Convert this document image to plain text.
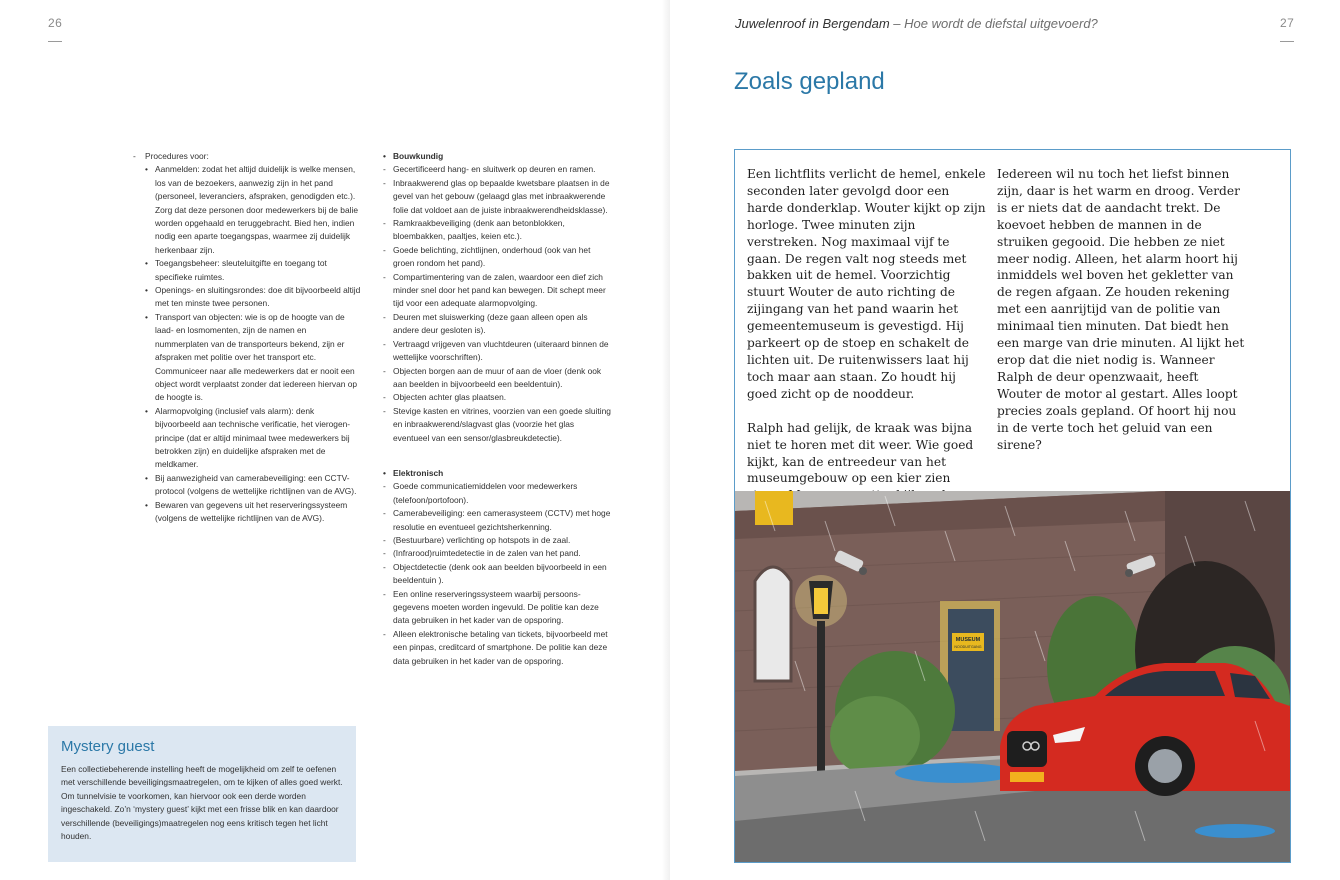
26
- Procedures voor:
• Aanmelden: zodat het altijd duidelijk is welke mensen, los van de bezoekers, aanwezig zijn in het pand (personeel, leveranciers, afspraken, genodigden etc.). Zorg dat deze personen door medewerkers bij de balie worden opgehaald en teruggebracht. Bied hen, indien nodig een aparte toegangspas, waarmee zij duidelijk herkenbaar zijn.
• Toegangsbeheer: sleuteluitgifte en toegang tot specifieke ruimtes.
• Openings- en sluitingsrondes: doe dit bijvoorbeeld altijd met ten minste twee personen.
• Transport van objecten: wie is op de hoogte van de laad- en losmomenten, zijn de namen en nummerplaten van de transporteurs bekend, zijn er afspraken met politie over het transport etc. Communiceer naar alle medewerkers dat er nooit een object wordt verplaatst zonder dat iedereen hiervan op de hoogte is.
• Alarmopvolging (inclusief vals alarm): denk bijvoorbeeld aan technische verificatie, het vierogen-principe (dat er altijd minimaal twee medewerkers bij betrokken zijn) en duidelijke afspraken met de meldkamer.
• Bij aanwezigheid van camerabeveiliging: een CCTV-protocol (volgens de wettelijke richtlijnen van de AVG).
• Bewaren van gegevens uit het reserveringssysteem (volgens de wettelijke richtlijnen van de AVG).
• Bouwkundig
- Gecertificeerd hang- en sluitwerk op deuren en ramen.
- Inbraakwerend glas op bepaalde kwetsbare plaatsen in de gevel van het gebouw (gelaagd glas met inbraakwerende folie dat voldoet aan de juiste inbraakwerendheidsklasse).
- Ramkraakbeveiliging (denk aan betonblokken, bloembakken, paaltjes, keien etc.).
- Goede belichting, zichtlijnen, onderhoud (ook van het groen rondom het pand).
- Compartimentering van de zalen, waardoor een dief zich minder snel door het pand kan bewegen. Dit schept meer tijd voor een adequate alarmopvolging.
- Deuren met sluiswerking (deze gaan alleen open als andere deur gesloten is).
- Vertraagd vrijgeven van vluchtdeuren (uiteraard binnen de wettelijke voorschriften).
- Objecten borgen aan de muur of aan de vloer (denk ook aan beelden in bijvoorbeeld een beeldentuin).
- Objecten achter glas plaatsen.
- Stevige kasten en vitrines, voorzien van een goede sluiting en inbraakwerend/slagvast glas (voorzie het glas eventueel van een sensor/glasbreukdetectie).
• Elektronisch
- Goede communicatiemiddelen voor medewerkers (telefoon/portofoon).
- Camerabeveiliging: een camerasysteem (CCTV) met hoge resolutie en eventueel gezichtsherkenning.
- (Bestuurbare) verlichting op hotspots in de zaal.
- (Infrarood)ruimtedetectie in de zalen van het pand.
- Objectdetectie (denk ook aan beelden bijvoorbeeld in een beeldentuin ).
- Een online reserveringssysteem waarbij persoonsgegevens moeten worden ingevuld. De politie kan deze data gebruiken in het kader van de opsporing.
- Alleen elektronische betaling van tickets, bijvoorbeeld met een pinpas, creditcard of smartphone. De politie kan deze data gebruiken in het kader van de opsporing.
Mystery guest
Een collectiebeherende instelling heeft de mogelijkheid om zelf te oefenen met verschillende beveiligingsmaatregelen, om te kijken of alles goed werkt. Om tunnelvisie te voorkomen, kan hiervoor ook een derde worden ingeschakeld. Zo’n ‘mystery guest’ kijkt met een frisse blik en kan daardoor verschillende (beveiligings)maatregelen nog eens kritisch tegen het licht houden.
Juwelenroof in Bergendam – Hoe wordt de diefstal uitgevoerd?	27
Zoals gepland

Een lichtflits verlicht de hemel, enkele seconden later gevolgd door een harde donderklap. Wouter kijkt op zijn horloge. Twee minuten zijn verstreken. Nog maximaal vijf te gaan. De regen valt nog steeds met bakken uit de hemel. Voorzichtig stuurt Wouter de auto richting de zijingang van het pand waarin het gemeentemuseum is gevestigd. Hij parkeert op de stoep en schakelt de lichten uit. De ruitenwissers laat hij toch maar aan staan. Zo houdt hij goed zicht op de nooddeur.

Ralph had gelijk, de kraak was bijna niet te horen met dit weer. Wie goed kijkt, kan de entreedeur van het museumgebouw op een kier zien

Iedereen wil nu toch het liefst binnen zijn, daar is het warm en droog. Verder is er niets dat de aandacht trekt. De koevoet hebben de mannen in de struiken gegooid. Die hebben ze niet meer nodig. Alleen, het alarm hoort hij inmiddels wel boven het gekletter van de regen afgaan. Ze houden rekening met een aanrijtijd van de politie van minimaal tien minuten. Dat biedt hen een marge van drie minuten. Al lijkt het erop dat die niet nodig is. Wanneer Ralph de deur openzwaait, heeft Wouter de motor al gestart. Alles loopt precies zoals gepland. Of hoort hij nou in de verte toch het geluid van een sirene?

MUSEUM
NOODUITGANG
